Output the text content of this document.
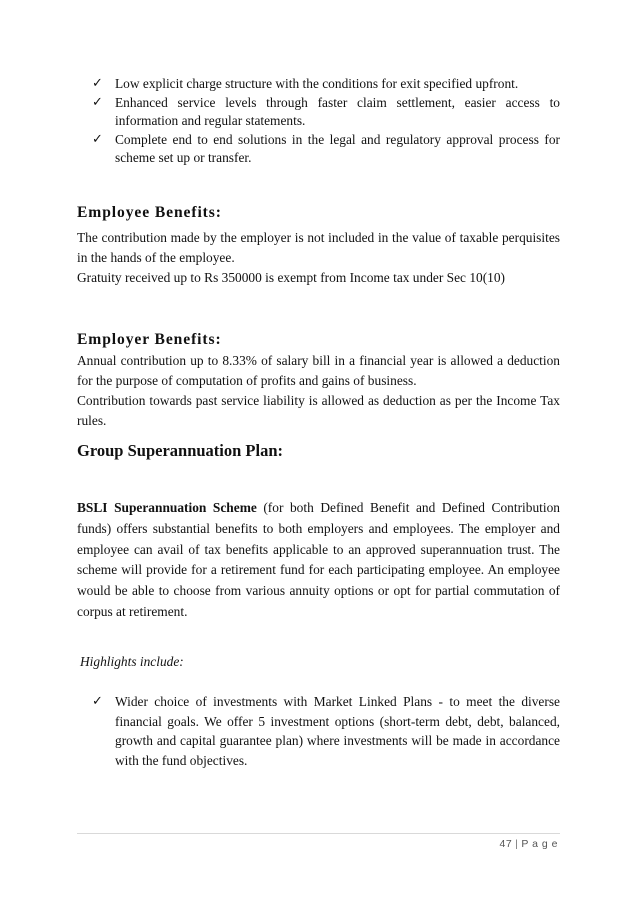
✓ Low explicit charge structure with the conditions for exit specified upfront.
✓ Enhanced service levels through faster claim settlement, easier access to information and regular statements.
✓ Complete end to end solutions in the legal and regulatory approval process for scheme set up or transfer.
Employee Benefits:
The contribution made by the employer is not included in the value of taxable perquisites in the hands of the employee.
Gratuity received up to Rs 350000 is exempt from Income tax under Sec 10(10)
Employer Benefits:
Annual contribution up to 8.33% of salary bill in a financial year is allowed a deduction for the purpose of computation of profits and gains of business.
Contribution towards past service liability is allowed as deduction as per the Income Tax rules.
Group Superannuation Plan:
BSLI Superannuation Scheme (for both Defined Benefit and Defined Contribution funds) offers substantial benefits to both employers and employees. The employer and employee can avail of tax benefits applicable to an approved superannuation trust. The scheme will provide for a retirement fund for each participating employee. An employee would be able to choose from various annuity options or opt for partial commutation of corpus at retirement.
Highlights include:
✓ Wider choice of investments with Market Linked Plans - to meet the diverse financial goals. We offer 5 investment options (short-term debt, debt, balanced, growth and capital guarantee plan) where investments will be made in accordance with the fund objectives.
47 | P a g e
